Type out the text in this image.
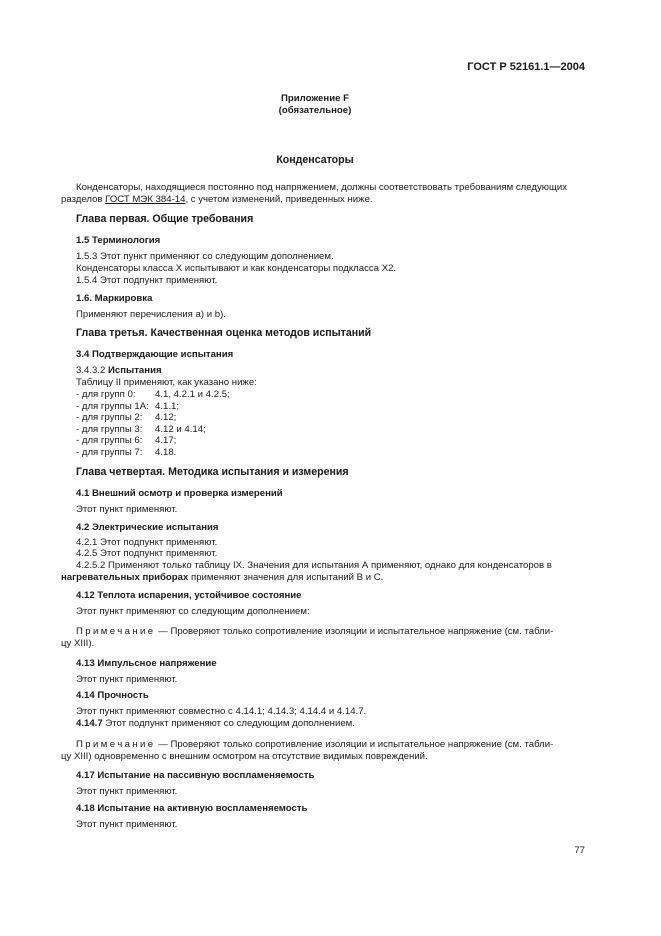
ГОСТ Р 52161.1—2004
Приложение F
(обязательное)
Конденсаторы
Конденсаторы, находящиеся постоянно под напряжением, должны соответствовать требованиям следующих
разделов ГОСТ МЭК 384-14, с учетом изменений, приведенных ниже.
Глава первая. Общие требования
1.5 Терминология
1.5.3 Этот пункт применяют со следующим дополнением.
Конденсаторы класса X испытывают и как конденсаторы подкласса X2.
1.5.4 Этот подпункт применяют.
1.6. Маркировка
Применяют перечисления а) и b).
Глава третья. Качественная оценка методов испытаний
3.4 Подтверждающие испытания
3.4.3.2 Испытания
Таблицу II применяют, как указано ниже:
- для групп 0: 4.1, 4.2.1 и 4.2.5;
- для группы 1А: 4.1.1;
- для группы 2: 4.12;
- для группы 3: 4.12 и 4.14;
- для группы 6: 4.17;
- для группы 7: 4.18.
Глава четвертая. Методика испытания и измерения
4.1 Внешний осмотр и проверка измерений
Этот пункт применяют.
4.2 Электрические испытания
4.2.1 Этот подпункт применяют.
4.2.5 Этот подпункт применяют.
4.2.5.2 Применяют только таблицу IX. Значения для испытания А применяют, однако для конденсаторов в
нагревательных приборах применяют значения для испытаний В и С.
4.12 Теплота испарения, устойчивое состояние
Этот пункт применяют со следующим дополнением:
Примечание — Проверяют только сопротивление изоляции и испытательное напряжение (см. табли-
цу XIII).
4.13 Импульсное напряжение
Этот пункт применяют.
4.14 Прочность
Этот пункт применяют совместно с 4.14.1; 4.14.3; 4.14.4 и 4.14.7.
4.14.7 Этот подпункт применяют со следующим дополнением.
Примечание — Проверяют только сопротивление изоляции и испытательное напряжение (см. табли-
цу XIII) одновременно с внешним осмотром на отсутствие видимых повреждений.
4.17 Испытание на пассивную воспламеняемость
Этот пункт применяют.
4.18 Испытание на активную воспламеняемость
Этот пункт применяют.
77
